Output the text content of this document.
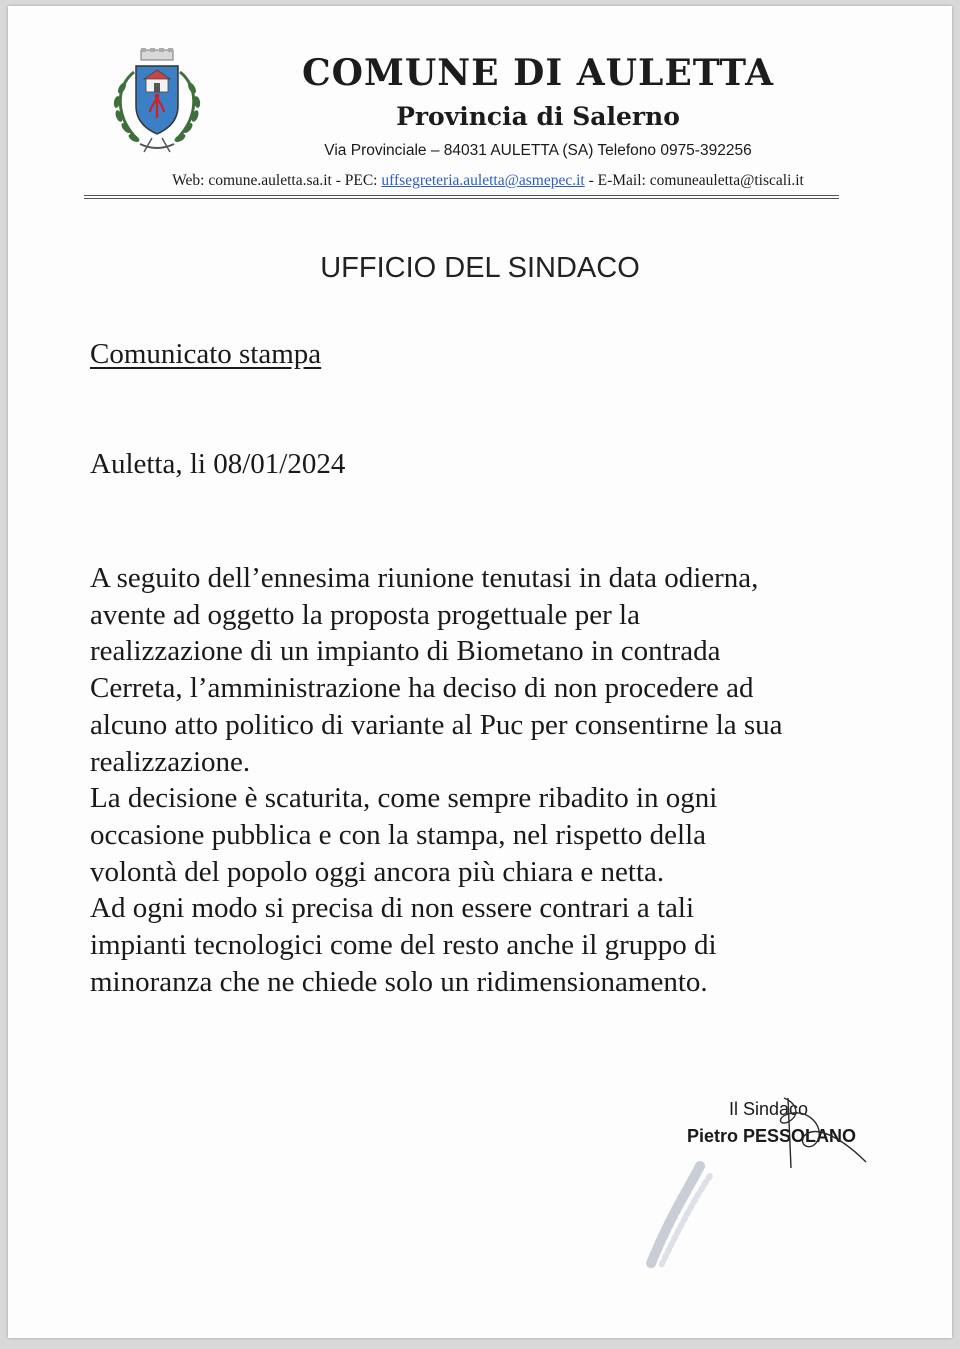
COMUNE DI AULETTA
Provincia di Salerno
Via Provinciale – 84031 AULETTA (SA) Telefono 0975-392256
Web: comune.auletta.sa.it - PEC: uffsegreteria.auletta@asmepec.it - E-Mail: comuneauletta@tiscali.it
UFFICIO DEL SINDACO
Comunicato stampa
Auletta, li 08/01/2024

A seguito dell’ennesima riunione tenutasi in data odierna,

avente ad oggetto la proposta progettuale per la

realizzazione di un impianto di Biometano in contrada

Cerreta, l’amministrazione ha deciso di non procedere ad

alcuno atto politico di variante al Puc per consentirne la sua

realizzazione.

La decisione è scaturita, come sempre ribadito in ogni

occasione pubblica e con la stampa, nel rispetto della

volontà del popolo oggi ancora più chiara e netta.

Ad ogni modo si precisa di non essere contrari a tali

impianti tecnologici come del resto anche il gruppo di

minoranza che ne chiede solo un ridimensionamento.

Il Sindaco
Pietro PESSOLANO
